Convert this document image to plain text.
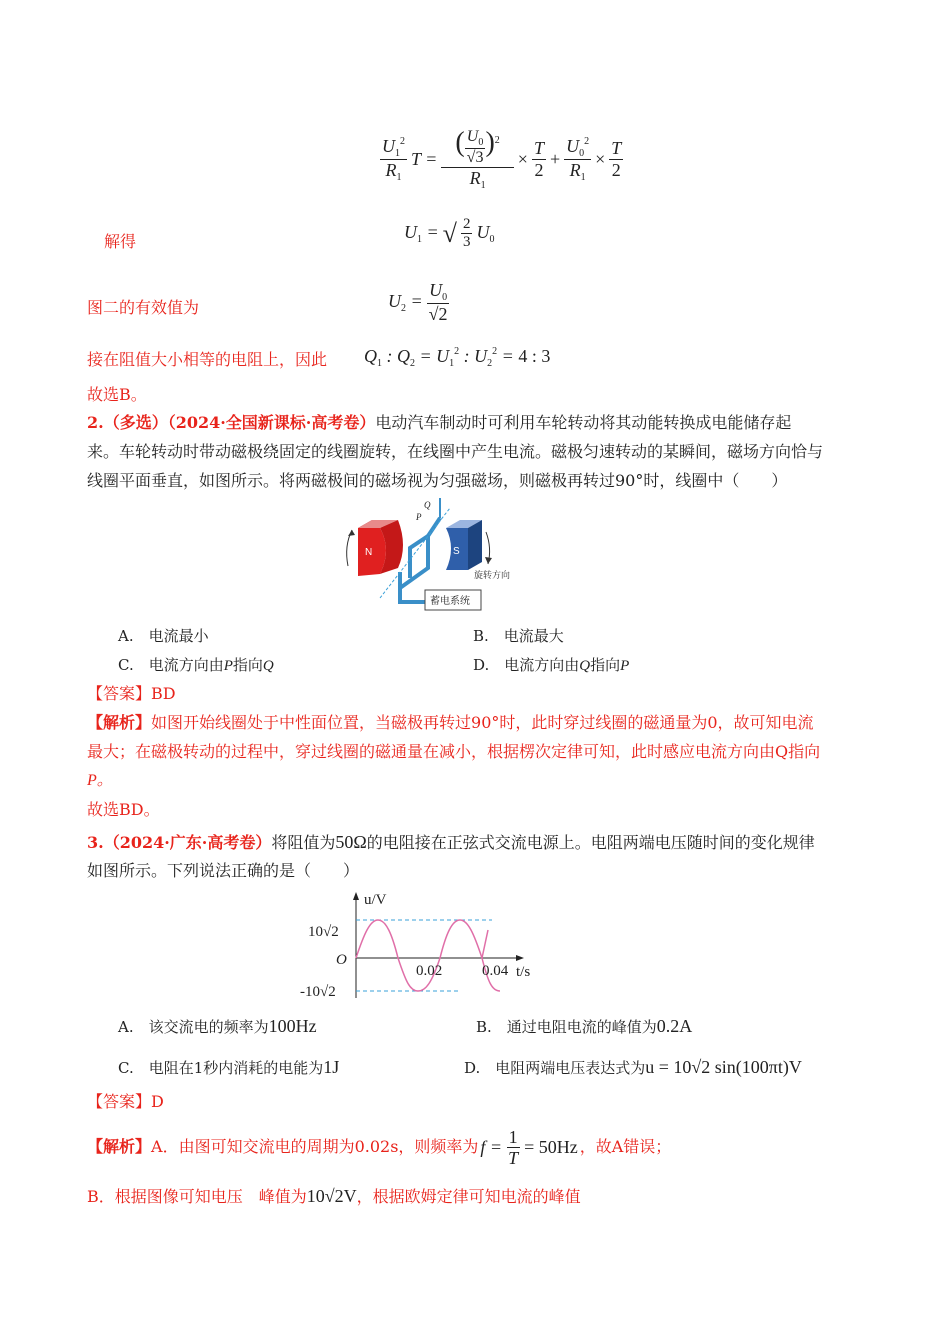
$\frac{U_1^2}{R_1}$ $T = \frac{( \frac{U_0}{√3} )^2}{R_1} \times \frac{T}{2} + \frac{U_0^2}{R_1} \times \frac{T}{2}$
解得	$U_1$ = √ $\frac{2}{3} U_0$
图二的有效值为	$U_2 = \frac{U_0}{√2}$
接在阻值大小相等的电阻上，因此 $Q_1$ : $Q_2 = U_1^2$ : $U_2^2 = 4$ : 3
故选B。
2.（多选）（2024·全国新课标·高考卷）电动汽车制动时可利用车轮转动将其动能转换成电能储存起
来。车轮转动时带动磁极绕固定的线圈旋转，在线圈中产生电流。磁极匀速转动的某瞬间，磁场方向恰与
线圈平面垂直，如图所示。将两磁极间的磁场视为匀强磁场，则磁极再转过90°时，线圈中（　　）
N
P
Q
S
旋转方向
蓄电系统
A.　电流最小	B.　电流最大
C.　电流方向由P指向Q	D.　电流方向由Q指向P
【答案】BD
【解析】如图开始线圈处于中性面位置，当磁极再转过90°时，此时穿过线圈的磁通量为0，故可知电流
最大；在磁极转动的过程中，穿过线圈的磁通量在减小，根据楞次定律可知，此时感应电流方向由Q指向
P。
故选BD。
3.（2024·广东·高考卷）将阻值为50Ω的电阻接在正弦式交流电源上。电阻两端电压随时间的变化规律
如图所示。下列说法正确的是（　　）
u/V
t/s
O
10√2
-10√2
0.02	0.04
A.　该交流电的频率为100Hz	B.　通过电阻电流的峰值为0.2A
C.　电阻在1秒内消耗的电能为1J	D.　电阻两端电压表达式为u = 10√2 sin(100πt)V
【答案】D
【解析】 A．由图可知交流电的周期为0.02s，则频率为 $f = \frac{1}{T} = 50Hz$ ，故A错误；
B．根据图像可知电压　峰值为10√2V，根据欧姆定律可知电流的峰值
